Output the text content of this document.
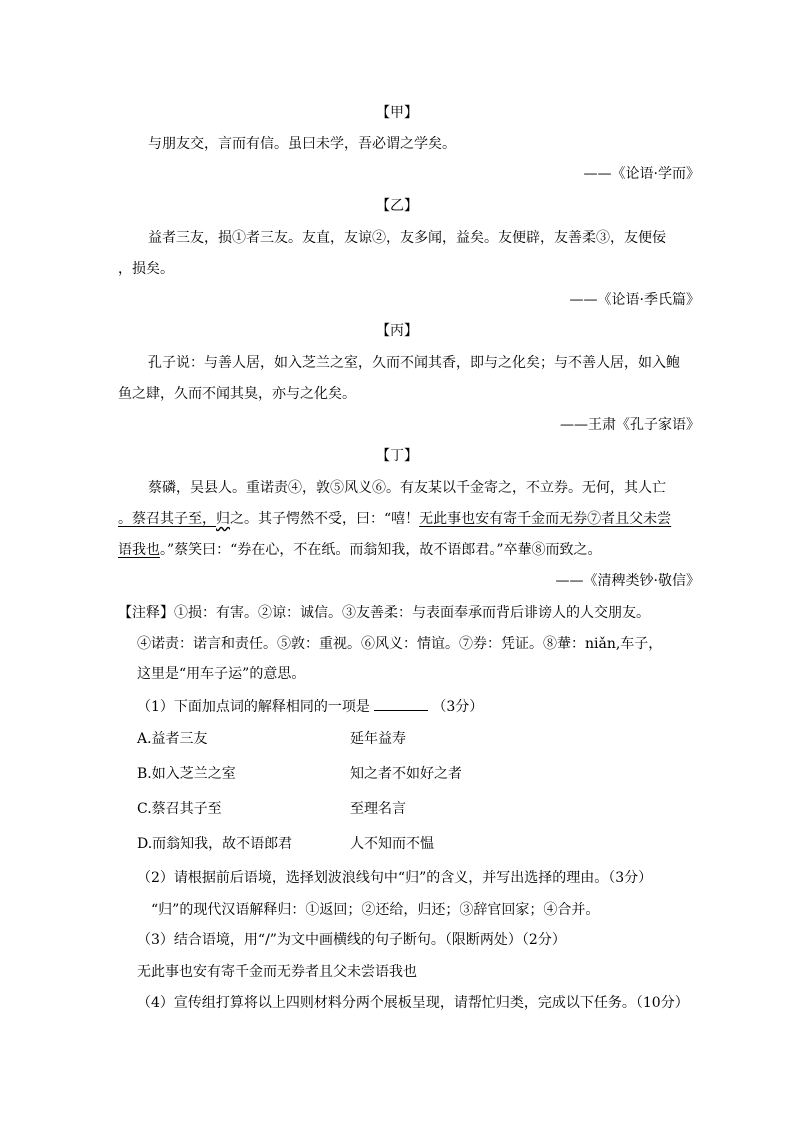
【甲】
与朋友交，言而有信。虽曰未学，吾必谓之学矣。
——《论语·学而》
【乙】
益者三友，损①者三友。友直，友谅②，友多闻，益矣。友便辟，友善柔③，友便佞
，损矣。
——《论语·季氏篇》
【丙】
孔子说：与善人居，如入芝兰之室，久而不闻其香，即与之化矣；与不善人居，如入鲍
鱼之肆，久而不闻其臭，亦与之化矣。
——王肃《孔子家语》
【丁】
蔡磷，吴县人。重诺责④，敦⑤风义⑥。有友某以千金寄之，不立券。无何，其人亡
。蔡召其子至，归之。其子愕然不受，曰：“嘻！无此事也安有寄千金而无券⑦者且父未尝
语我也。”蔡笑曰：“券在心，不在纸。而翁知我，故不语郎君。”卒輂⑧而致之。
——《清稗类钞·敬信》
【注释】①损：有害。②谅：诚信。③友善柔：与表面奉承而背后诽谤人的人交朋友。
④诺责：诺言和责任。⑤敦：重视。⑥风义：情谊。⑦券：凭证。⑧輂：niǎn,车子，
这里是“用车子运”的意思。
（1）下面加点词的解释相同的一项是	（3分）
A.益者三友	延年益寿
B.如入芝兰之室	知之者不如好之者
C.蔡召其子至	至理名言
D.而翁知我，故不语郎君	人不知而不愠
（2）请根据前后语境，选择划波浪线句中“归”的含义，并写出选择的理由。（3分）
“归”的现代汉语解释归：①返回；②还给，归还；③辞官回家；④合并。
（3）结合语境，用“/”为文中画横线的句子断句。（限断两处）（2分）
无此事也安有寄千金而无券者且父未尝语我也
（4）宣传组打算将以上四则材料分两个展板呈现，请帮忙归类，完成以下任务。（10分）
